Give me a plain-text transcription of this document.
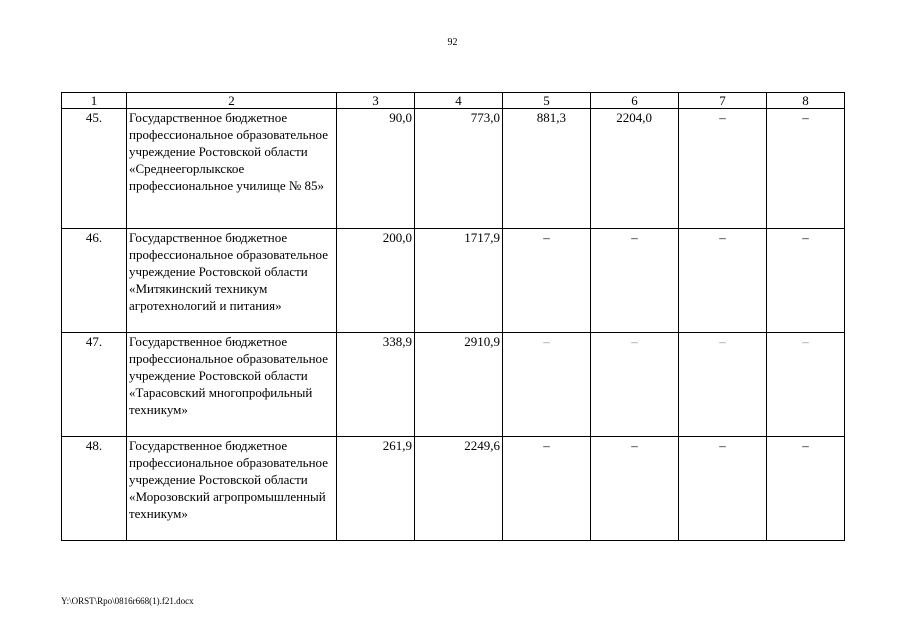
92
1	2	3	4	5	6	7	8
45.	Государственное бюджетное профессиональное образовательное учреждение Ростовской области «Среднеегорлыкское профессиональное училище № 85»	90,0	773,0	881,3	2204,0	–	–
46.	Государственное бюджетное профессиональное образовательное учреждение Ростовской области «Митякинский техникум агротехнологий и питания»	200,0	1717,9	–	–	–	–
47.	Государственное бюджетное профессиональное образовательное учреждение Ростовской области «Тарасовский многопрофильный техникум»	338,9	2910,9	–	–	–	–
48.	Государственное бюджетное профессиональное образовательное учреждение Ростовской области «Морозовский агропромышленный техникум»	261,9	2249,6	–	–	–	–
Y:\ORST\Rpo\0816r668(1).f21.docx
